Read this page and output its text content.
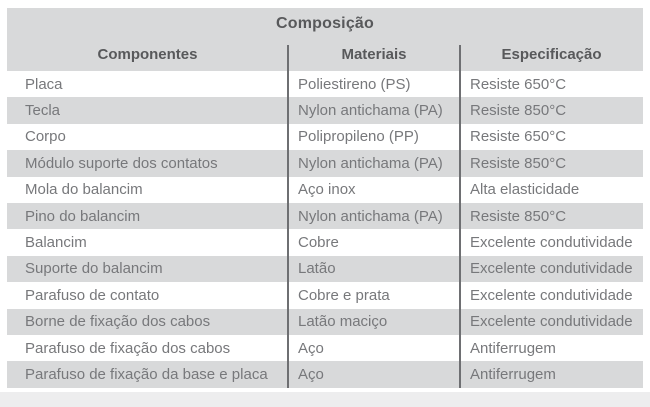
Composição
Componentes	Materiais	Especificação
Placa	Poliestireno (PS)	Resiste 650°C
Tecla	Nylon antichama (PA)	Resiste 850°C
Corpo	Polipropileno (PP)	Resiste 650°C
Módulo suporte dos contatos	Nylon antichama (PA)	Resiste 850°C
Mola do balancim	Aço inox	Alta elasticidade
Pino do balancim	Nylon antichama (PA)	Resiste 850°C
Balancim	Cobre	Excelente condutividade
Suporte do balancim	Latão	Excelente condutividade
Parafuso de contato	Cobre e prata	Excelente condutividade
Borne de fixação dos cabos	Latão maciço	Excelente condutividade
Parafuso de fixação dos cabos	Aço	Antiferrugem
Parafuso de fixação da base e placa	Aço	Antiferrugem
